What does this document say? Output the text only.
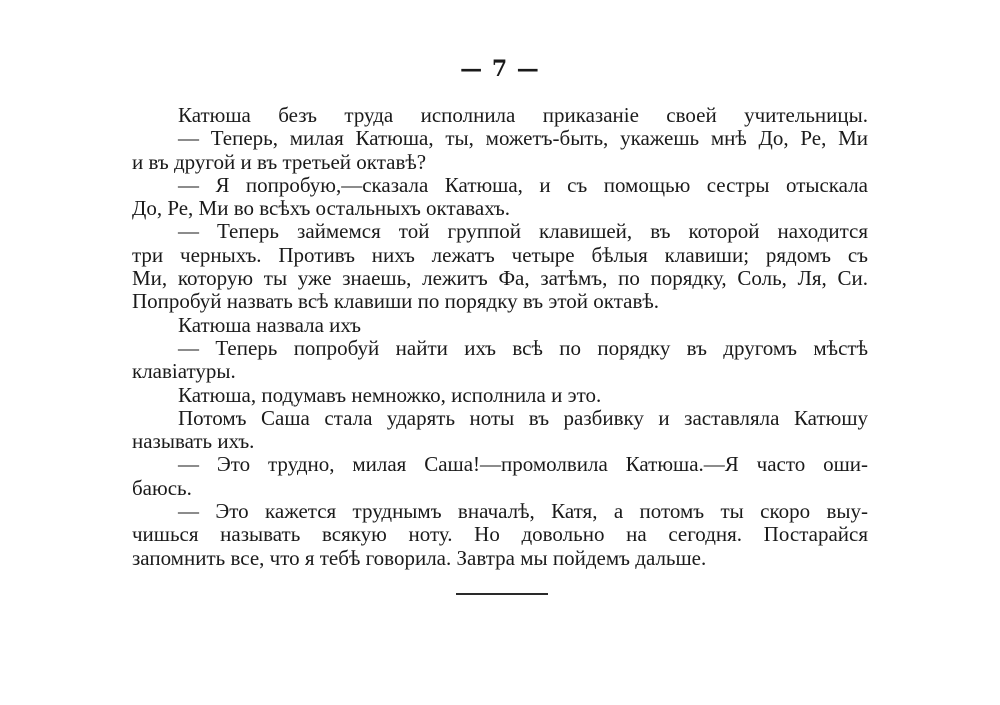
— 7 —
Катюша безъ труда исполнила приказаніе своей учительницы.
— Теперь, милая Катюша, ты, можетъ-быть, укажешь мнѣ До, Ре, Ми
и въ другой и въ третьей октавѣ?
— Я попробую,—сказала Катюша, и съ помощью сестры отыскала
До, Ре, Ми во всѣхъ остальныхъ октавахъ.
— Теперь займемся той группой клавишей, въ которой находится
три черныхъ. Противъ нихъ лежатъ четыре бѣлыя клавиши; рядомъ съ
Ми, которую ты уже знаешь, лежитъ Фа, затѣмъ, по порядку, Соль, Ля, Си.
Попробуй назвать всѣ клавиши по порядку въ этой октавѣ.
Катюша назвала ихъ
— Теперь попробуй найти ихъ всѣ по порядку въ другомъ мѣстѣ
клавіатуры.
Катюша, подумавъ немножко, исполнила и это.
Потомъ Саша стала ударять ноты въ разбивку и заставляла Катюшу
называть ихъ.
— Это трудно, милая Саша!—промолвила Катюша.—Я часто оши-
баюсь.
— Это кажется труднымъ вначалѣ, Катя, а потомъ ты скоро выу-
чишься называть всякую ноту. Но довольно на сегодня. Постарайся
запомнить все, что я тебѣ говорила. Завтра мы пойдемъ дальше.
